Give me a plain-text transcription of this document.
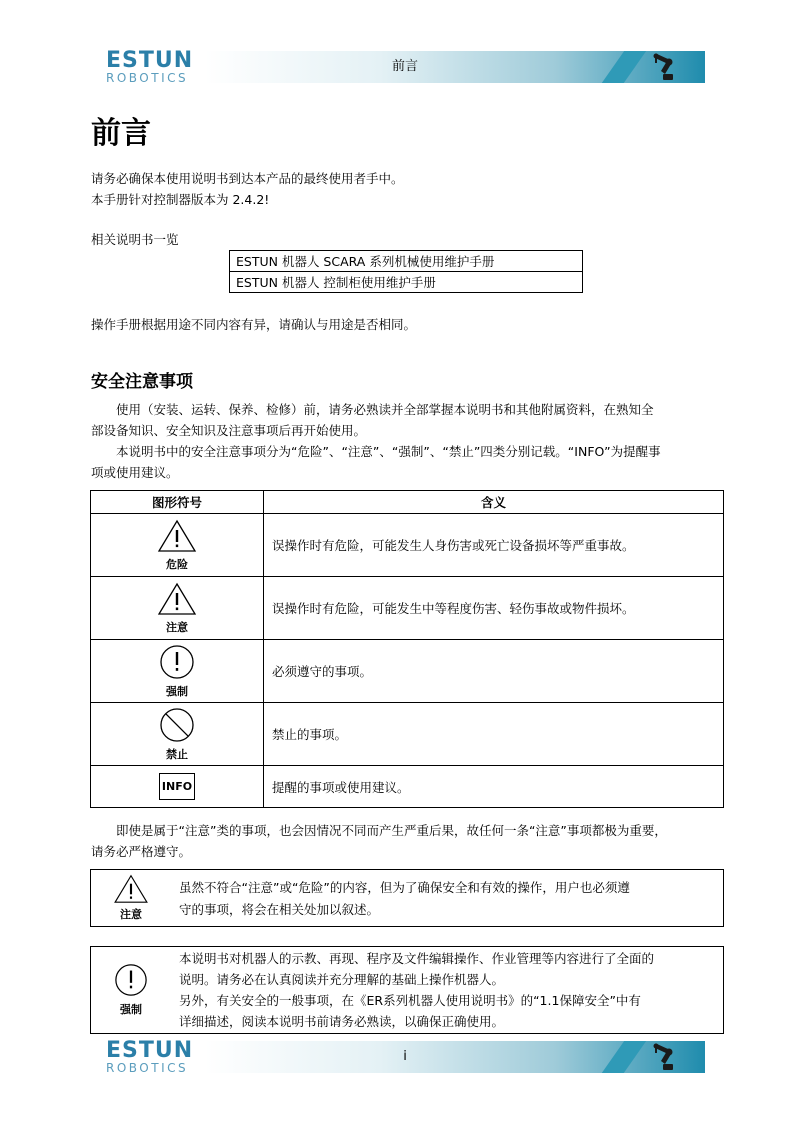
ESTUN
ROBOTICS
前言
前言

请务必确保本使用说明书到达本产品的最终使用者手中。

本手册针对控制器版本为 2.4.2!

相关说明书一览

ESTUN 机器人 SCARA 系列机械使用维护手册
ESTUN 机器人 控制柜使用维护手册

操作手册根据用途不同内容有异，请确认与用途是否相同。

安全注意事项

使用（安装、运转、保养、检修）前，请务必熟读并全部掌握本说明书和其他附属资料，在熟知全

部设备知识、安全知识及注意事项后再开始使用。

本说明书中的安全注意事项分为“危险”、“注意”、“强制”、“禁止”四类分别记载。“INFO”为提醒事

项或使用建议。

图形符号	含义

危险	误操作时有危险，可能发生人身伤害或死亡设备损坏等严重事故。

注意	误操作时有危险，可能发生中等程度伤害、轻伤事故或物件损坏。

强制	必须遵守的事项。

禁止	禁止的事项。
INFO	提醒的事项或使用建议。

即使是属于“注意”类的事项，也会因情况不同而产生严重后果，故任何一条“注意”事项都极为重要，

请务必严格遵守。

注意

虽然不符合“注意”或“危险”的内容，但为了确保安全和有效的操作，用户也必须遵

守的事项，将会在相关处加以叙述。

强制

本说明书对机器人的示教、再现、程序及文件编辑操作、作业管理等内容进行了全面的

说明。请务必在认真阅读并充分理解的基础上操作机器人。

另外，有关安全的一般事项，在《ER系列机器人使用说明书》的“1.1保障安全”中有

详细描述，阅读本说明书前请务必熟读，以确保正确使用。

ESTUN
ROBOTICS
i
